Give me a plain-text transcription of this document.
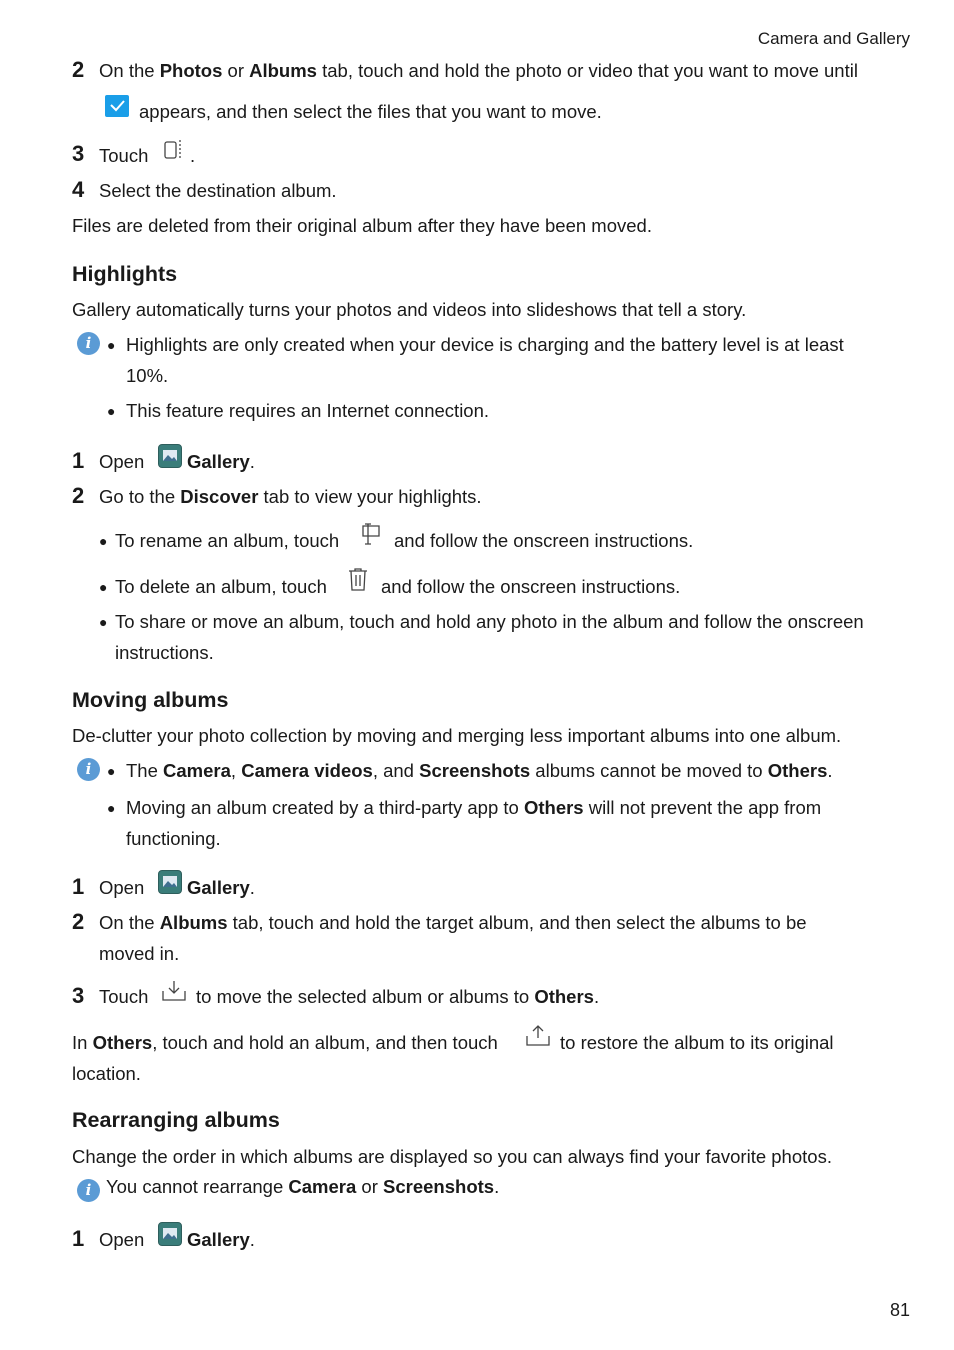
Camera and Gallery
2 On the Photos or Albums tab, touch and hold the photo or video that you want to move until
appears, and then select the files that you want to move.
3 Touch .
4 Select the destination album.
Files are deleted from their original album after they have been moved.
Highlights
Gallery automatically turns your photos and videos into slideshows that tell a story.
i	● Highlights are only created when your device is charging and the battery level is at least
10%.
● This feature requires an Internet connection.
1 Open Gallery.
2 Go to the Discover tab to view your highlights.
● To rename an album, touch	and follow the onscreen instructions.
● To delete an album, touch	and follow the onscreen instructions.
● To share or move an album, touch and hold any photo in the album and follow the onscreen
instructions.
Moving albums
De-clutter your photo collection by moving and merging less important albums into one album.
i	● The Camera, Camera videos, and Screenshots albums cannot be moved to Others.
● Moving an album created by a third-party app to Others will not prevent the app from
functioning.
1 Open Gallery.
2 On the Albums tab, touch and hold the target album, and then select the albums to be
moved in.
3 Touch	to move the selected album or albums to Others.
In Others, touch and hold an album, and then touch	to restore the album to its original
location.
Rearranging albums
Change the order in which albums are displayed so you can always find your favorite photos.
i You cannot rearrange Camera or Screenshots.
1 Open Gallery.
81
